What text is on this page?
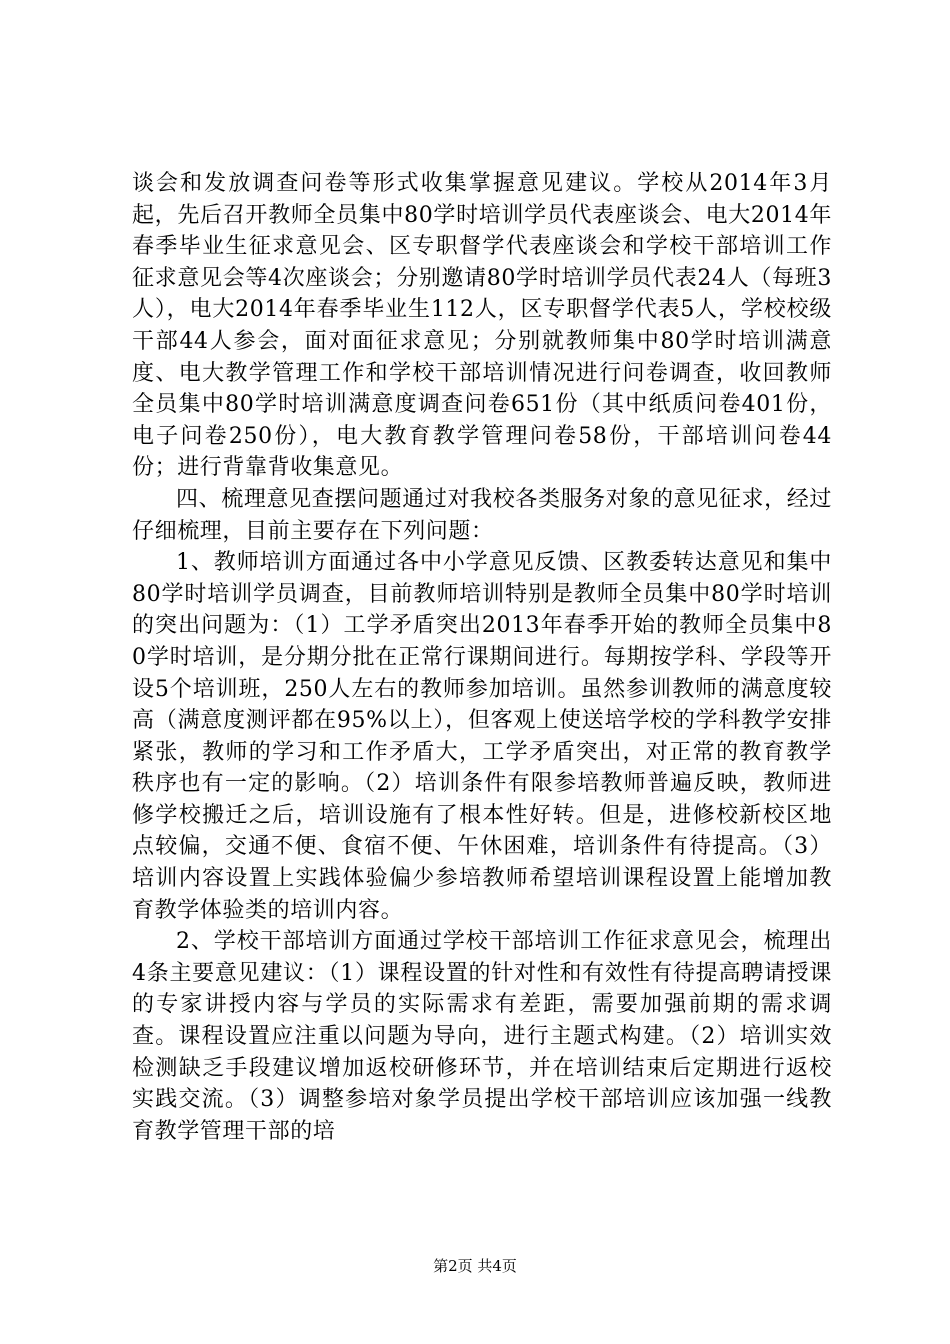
谈会和发放调查问卷等形式收集掌握意见建议。学校从2014年3月起，先后召开教师全员集中80学时培训学员代表座谈会、电大2014年春季毕业生征求意见会、区专职督学代表座谈会和学校干部培训工作征求意见会等4次座谈会；分别邀请80学时培训学员代表24人（每班3人），电大2014年春季毕业生112人，区专职督学代表5人，学校校级干部44人参会，面对面征求意见；分别就教师集中80学时培训满意度、电大教学管理工作和学校干部培训情况进行问卷调查，收回教师全员集中80学时培训满意度调查问卷651份（其中纸质问卷401份，电子问卷250份），电大教育教学管理问卷58份，干部培训问卷44份；进行背靠背收集意见。

四、梳理意见查摆问题通过对我校各类服务对象的意见征求，经过仔细梳理，目前主要存在下列问题：

1、教师培训方面通过各中小学意见反馈、区教委转达意见和集中80学时培训学员调查，目前教师培训特别是教师全员集中80学时培训的突出问题为：（1）工学矛盾突出2013年春季开始的教师全员集中80学时培训，是分期分批在正常行课期间进行。每期按学科、学段等开设5个培训班，250人左右的教师参加培训。虽然参训教师的满意度较高（满意度测评都在95%以上），但客观上使送培学校的学科教学安排紧张，教师的学习和工作矛盾大，工学矛盾突出，对正常的教育教学秩序也有一定的影响。（2）培训条件有限参培教师普遍反映，教师进修学校搬迁之后，培训设施有了根本性好转。但是，进修校新校区地点较偏，交通不便、食宿不便、午休困难，培训条件有待提高。（3）培训内容设置上实践体验偏少参培教师希望培训课程设置上能增加教育教学体验类的培训内容。

2、学校干部培训方面通过学校干部培训工作征求意见会，梳理出4条主要意见建议：（1）课程设置的针对性和有效性有待提高聘请授课的专家讲授内容与学员的实际需求有差距，需要加强前期的需求调查。课程设置应注重以问题为导向，进行主题式构建。（2）培训实效检测缺乏手段建议增加返校研修环节，并在培训结束后定期进行返校实践交流。（3）调整参培对象学员提出学校干部培训应该加强一线教育教学管理干部的培

第2页 共4页
